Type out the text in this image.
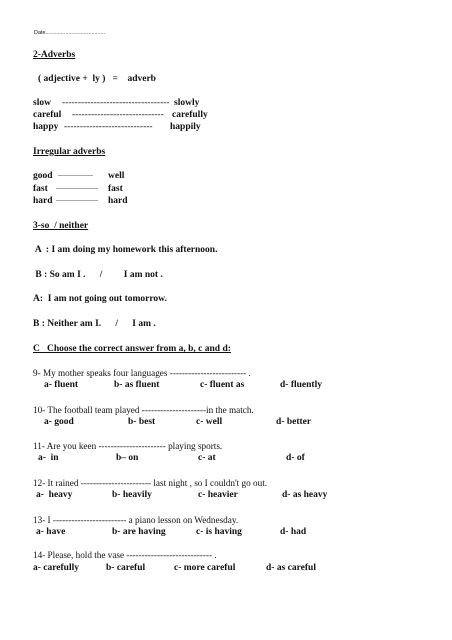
Date.......................................
2-Adverbs
( adjective +  ly )   =    adverb
slow ---------------------------------- slowly
careful ----------------------------- carefully
happy ---------------------------- happily
Irregular adverbs
good ————— well
fast —————— fast
hard —————— hard
3-so  / neither
A  : I am doing my homework this afternoon.
B : So am I .      /         I am not .
A:  I am not going out tomorrow.
B : Neither am I.      /      I am .
C   Choose the correct answer from a, b, c and d:
9- My mother speaks four languages ------------------------- .
a- fluent	b- as fluent	c- fluent as	d- fluently
10- The football team played ---------------------in the match.
a- good	b- best	c- well	d- better
11- Are you keen ---------------------- playing sports.
a-  in	b– on	c- at	d- of
12- It rained ----------------------- last night , so I couldn't go out.
a-  heavy	b- heavily	c- heavier	d- as heavy
13- I ------------------------ a piano lesson on Wednesday.
a- have	b- are having	c- is having	d- had
14- Please, hold the vase ---------------------------- .
a- carefully	b- careful	c- more careful	d- as careful
